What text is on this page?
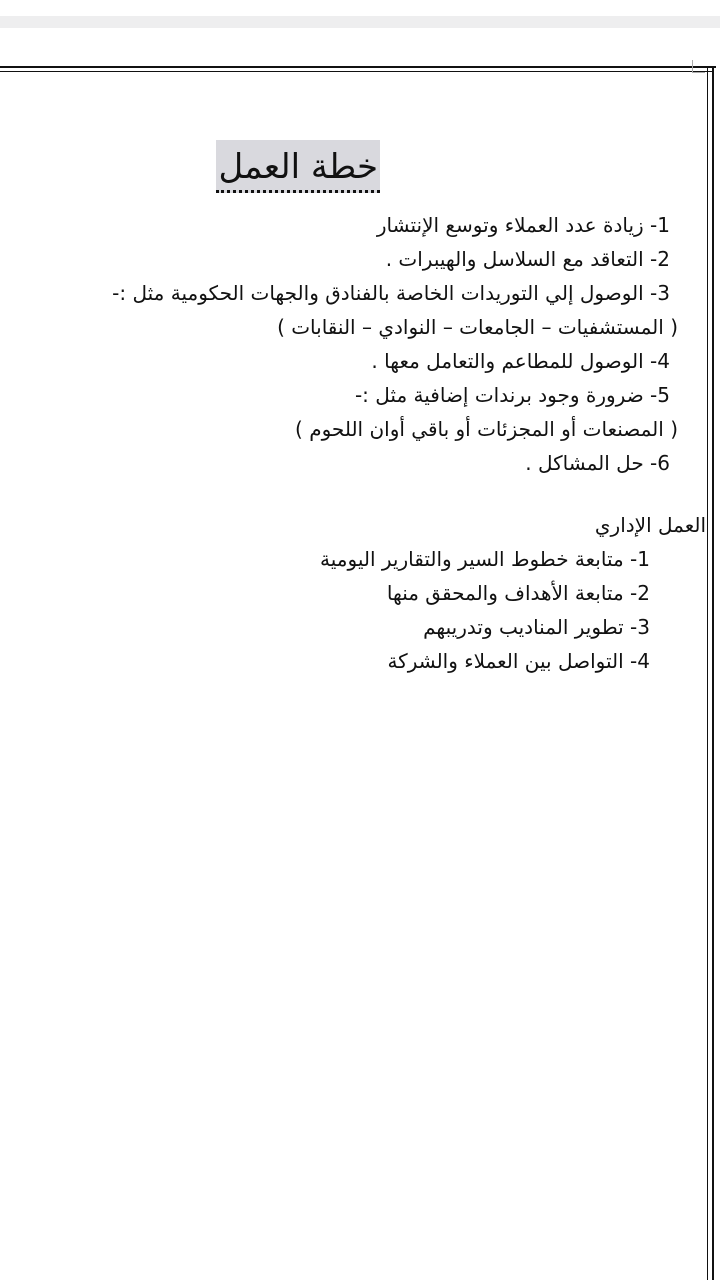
خطة العمل

1- زيادة عدد العملاء وتوسع الإنتشار

2- التعاقد مع السلاسل والهيبرات .

3- الوصول إلي التوريدات الخاصة بالفنادق والجهات الحكومية مثل :-

( المستشفيات – الجامعات – النوادي – النقابات )

4- الوصول للمطاعم والتعامل معها .

5- ضرورة وجود برندات إضافية مثل :-

( المصنعات أو المجزئات أو باقي أوان اللحوم )

6- حل المشاكل .

العمل الإداري

1- متابعة خطوط السير والتقارير اليومية

2- متابعة الأهداف والمحقق منها

3- تطوير المناديب وتدريبهم

4- التواصل بين العملاء والشركة
